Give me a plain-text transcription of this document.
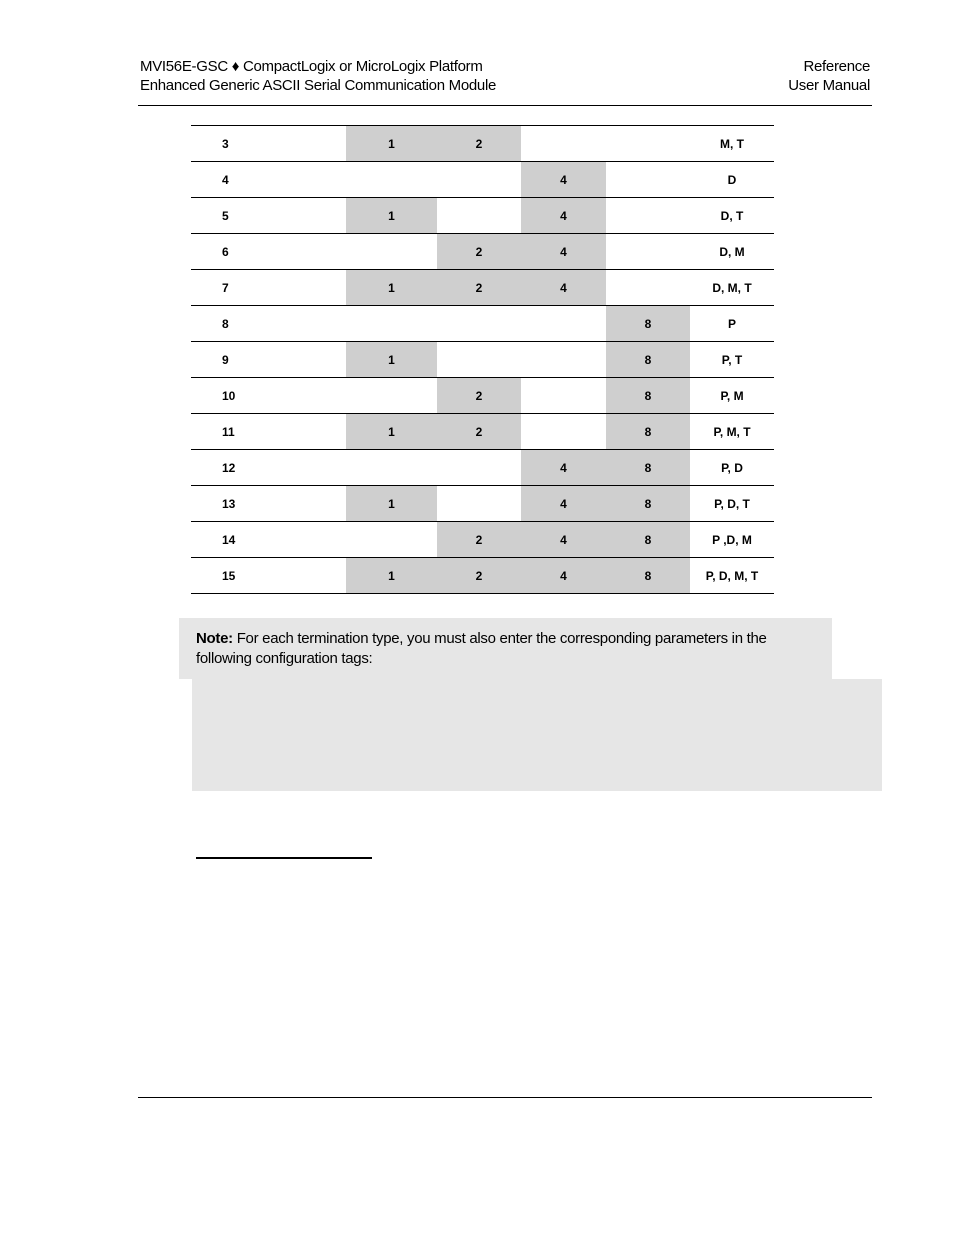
MVI56E-GSC ♦ CompactLogix or MicroLogix Platform
Enhanced Generic ASCII Serial Communication Module
Reference
User Manual
3	1	2			M, T
4			4		D
5	1		4		D, T
6		2	4		D, M
7	1	2	4		D, M, T
8				8	P
9	1			8	P, T
10		2		8	P, M
11	1	2		8	P, M, T
12			4	8	P, D
13	1		4	8	P, D, T
14		2	4	8	P ,D, M
15	1	2	4	8	P, D, M, T
Note: For each termination type, you must also enter the corresponding parameters in the following configuration tags:
